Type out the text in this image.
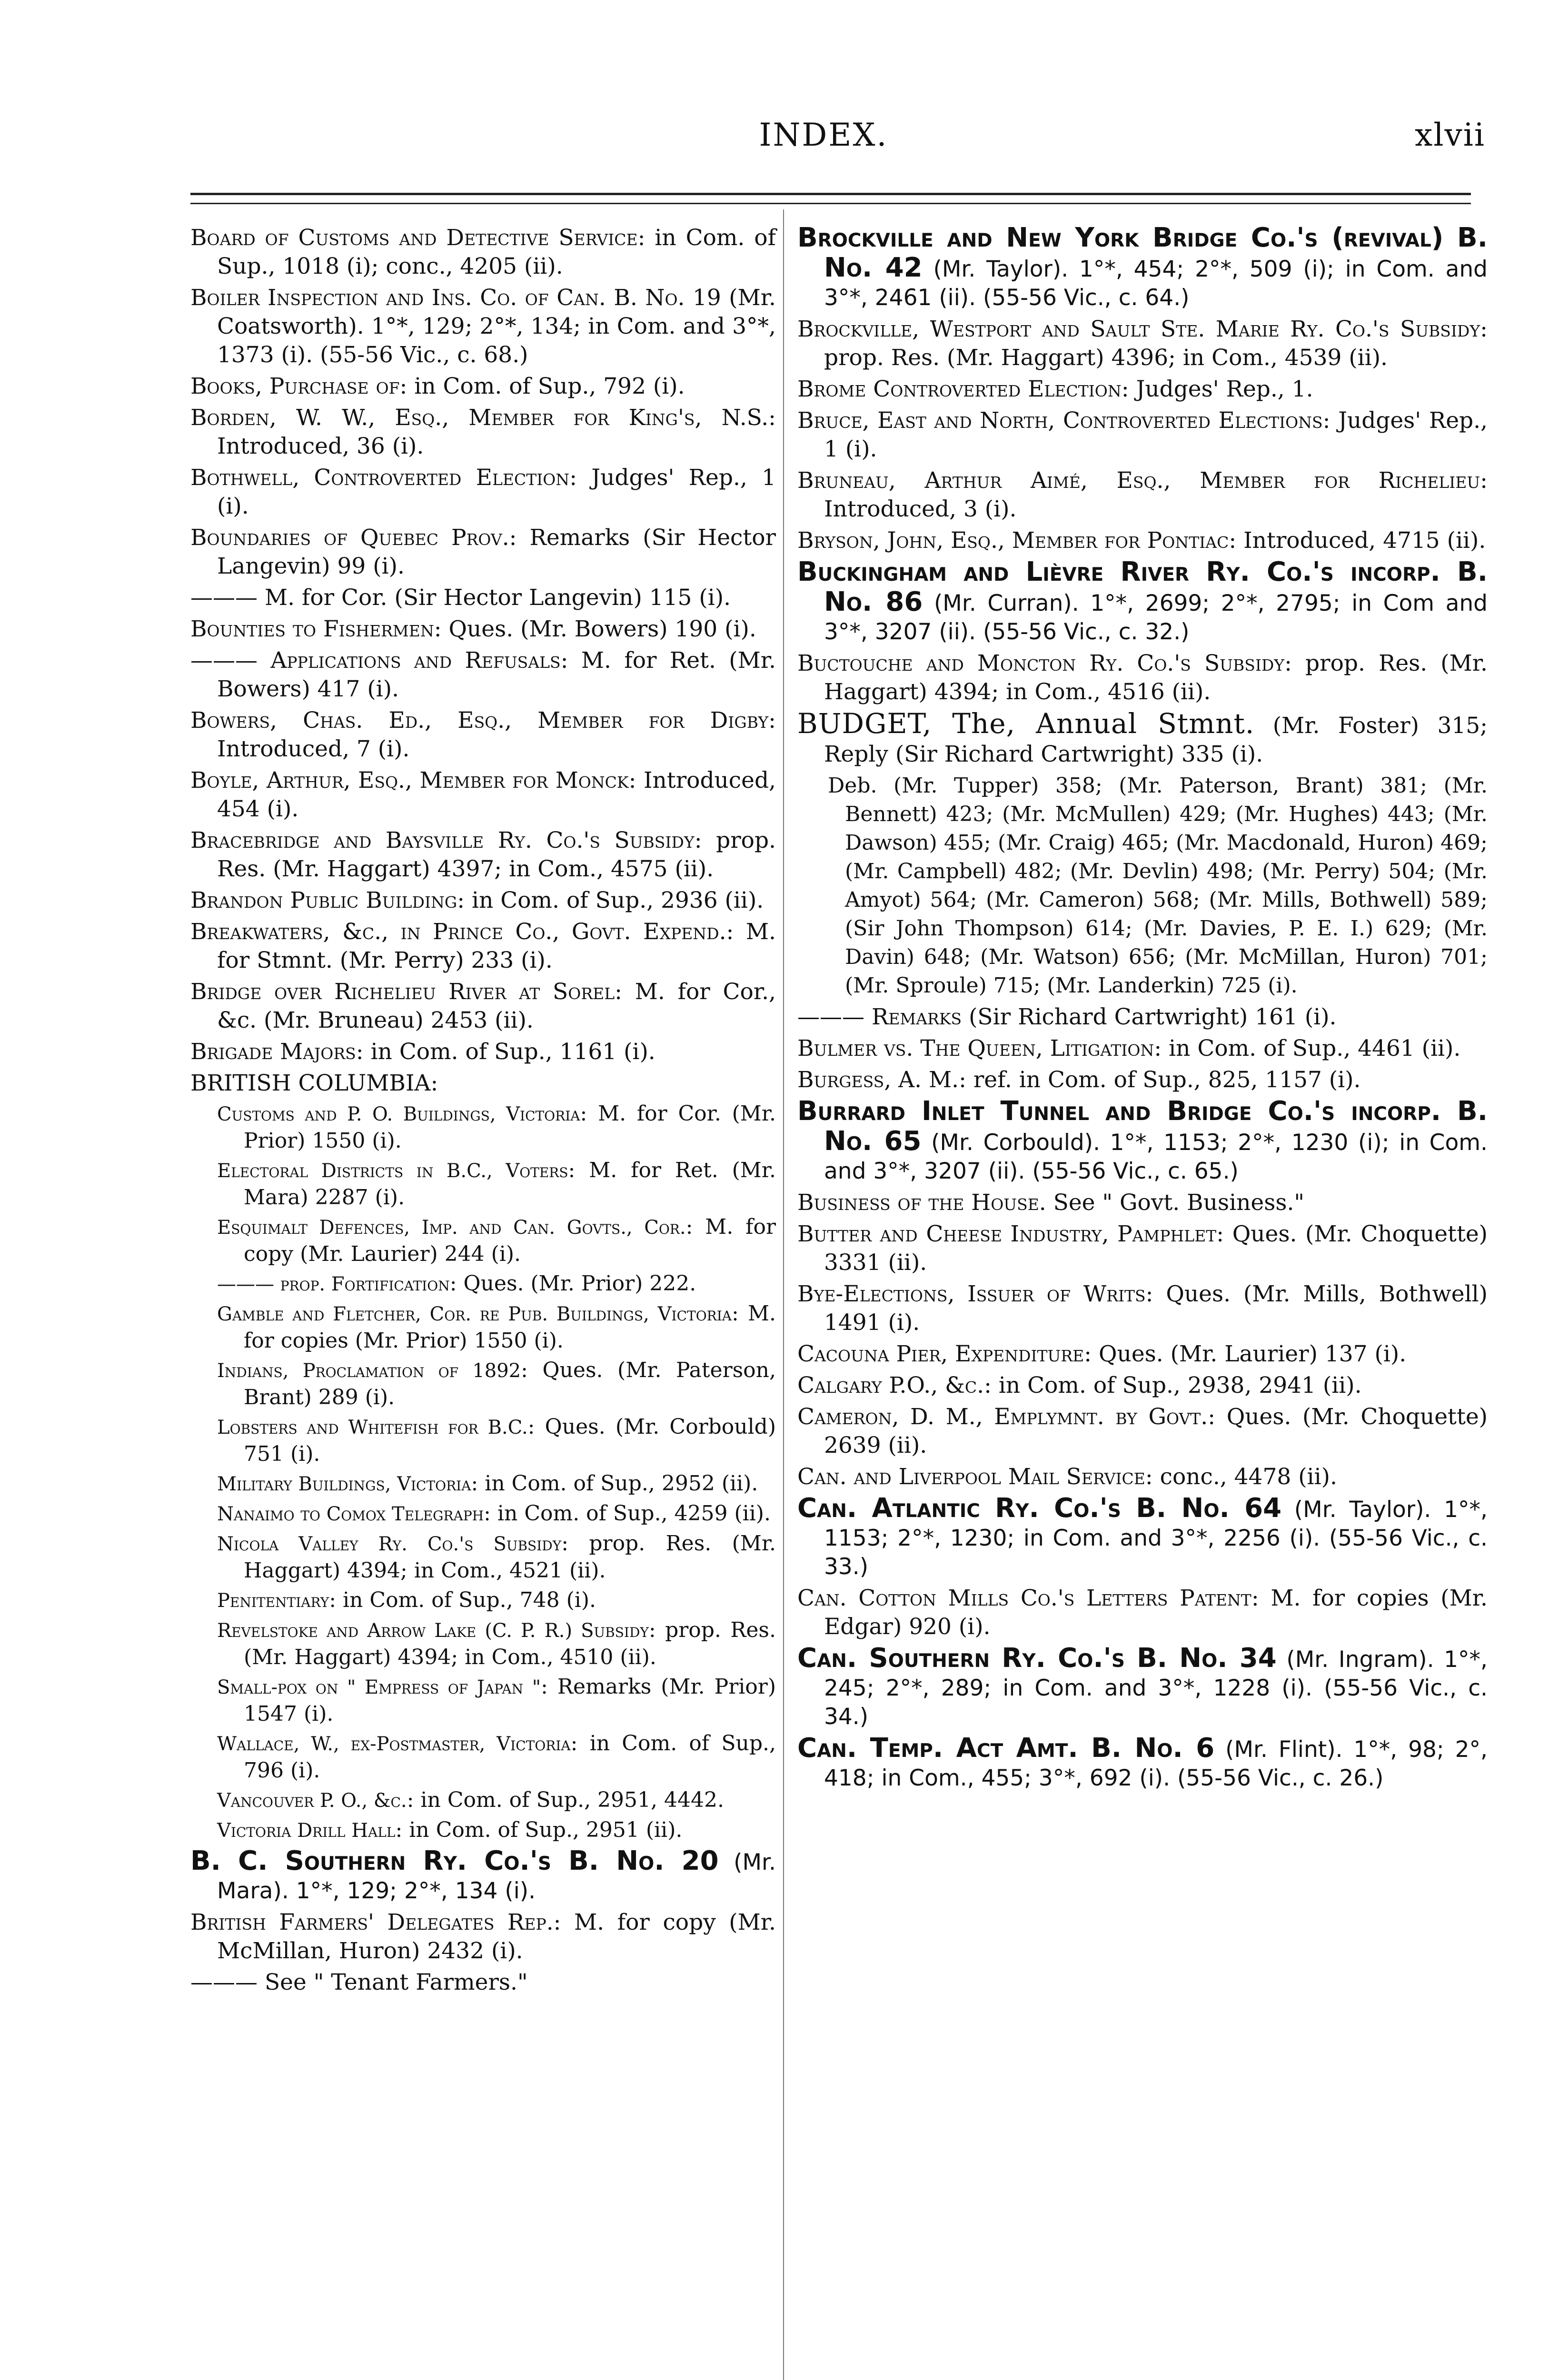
INDEX.	xlvii

Board of Customs and Detective Service: in Com. of Sup., 1018 (i); conc., 4205 (ii).

Boiler Inspection and Ins. Co. of Can. B. No. 19 (Mr. Coatsworth). 1°*, 129; 2°*, 134; in Com. and 3°*, 1373 (i). (55-56 Vic., c. 68.)

Books, Purchase of: in Com. of Sup., 792 (i).

Borden, W. W., Esq., Member for King's, N.S.: Introduced, 36 (i).

Bothwell, Controverted Election: Judges' Rep., 1 (i).

Boundaries of Quebec Prov.: Remarks (Sir Hector Langevin) 99 (i).

——— M. for Cor. (Sir Hector Langevin) 115 (i).

Bounties to Fishermen: Ques. (Mr. Bowers) 190 (i).

——— Applications and Refusals: M. for Ret. (Mr. Bowers) 417 (i).

Bowers, Chas. Ed., Esq., Member for Digby: Introduced, 7 (i).

Boyle, Arthur, Esq., Member for Monck: Introduced, 454 (i).

Bracebridge and Baysville Ry. Co.'s Subsidy: prop. Res. (Mr. Haggart) 4397; in Com., 4575 (ii).

Brandon Public Building: in Com. of Sup., 2936 (ii).

Breakwaters, &c., in Prince Co., Govt. Expend.: M. for Stmnt. (Mr. Perry) 233 (i).

Bridge over Richelieu River at Sorel: M. for Cor., &c. (Mr. Bruneau) 2453 (ii).

Brigade Majors: in Com. of Sup., 1161 (i).

BRITISH COLUMBIA:

Customs and P. O. Buildings, Victoria: M. for Cor. (Mr. Prior) 1550 (i).

Electoral Districts in B.C., Voters: M. for Ret. (Mr. Mara) 2287 (i).

Esquimalt Defences, Imp. and Can. Govts., Cor.: M. for copy (Mr. Laurier) 244 (i).

——— prop. Fortification: Ques. (Mr. Prior) 222.

Gamble and Fletcher, Cor. re Pub. Buildings, Victoria: M. for copies (Mr. Prior) 1550 (i).

Indians, Proclamation of 1892: Ques. (Mr. Paterson, Brant) 289 (i).

Lobsters and Whitefish for B.C.: Ques. (Mr. Corbould) 751 (i).

Military Buildings, Victoria: in Com. of Sup., 2952 (ii).

Nanaimo to Comox Telegraph: in Com. of Sup., 4259 (ii).

Nicola Valley Ry. Co.'s Subsidy: prop. Res. (Mr. Haggart) 4394; in Com., 4521 (ii).

Penitentiary: in Com. of Sup., 748 (i).

Revelstoke and Arrow Lake (C. P. R.) Subsidy: prop. Res. (Mr. Haggart) 4394; in Com., 4510 (ii).

Small-pox on " Empress of Japan ": Remarks (Mr. Prior) 1547 (i).

Wallace, W., ex-Postmaster, Victoria: in Com. of Sup., 796 (i).

Vancouver P. O., &c.: in Com. of Sup., 2951, 4442.

Victoria Drill Hall: in Com. of Sup., 2951 (ii).

B. C. Southern Ry. Co.'s B. No. 20 (Mr. Mara). 1°*, 129; 2°*, 134 (i).

British Farmers' Delegates Rep.: M. for copy (Mr. McMillan, Huron) 2432 (i).

——— See " Tenant Farmers."

Brockville and New York Bridge Co.'s (revival) B. No. 42 (Mr. Taylor). 1°*, 454; 2°*, 509 (i); in Com. and 3°*, 2461 (ii). (55-56 Vic., c. 64.)

Brockville, Westport and Sault Ste. Marie Ry. Co.'s Subsidy: prop. Res. (Mr. Haggart) 4396; in Com., 4539 (ii).

Brome Controverted Election: Judges' Rep., 1.

Bruce, East and North, Controverted Elections: Judges' Rep., 1 (i).

Bruneau, Arthur Aimé, Esq., Member for Richelieu: Introduced, 3 (i).

Bryson, John, Esq., Member for Pontiac: Introduced, 4715 (ii).

Buckingham and Lièvre River Ry. Co.'s incorp. B. No. 86 (Mr. Curran). 1°*, 2699; 2°*, 2795; in Com and 3°*, 3207 (ii). (55-56 Vic., c. 32.)

Buctouche and Moncton Ry. Co.'s Subsidy: prop. Res. (Mr. Haggart) 4394; in Com., 4516 (ii).

BUDGET, The, Annual Stmnt. (Mr. Foster) 315; Reply (Sir Richard Cartwright) 335 (i).

Deb. (Mr. Tupper) 358; (Mr. Paterson, Brant) 381; (Mr. Bennett) 423; (Mr. McMullen) 429; (Mr. Hughes) 443; (Mr. Dawson) 455; (Mr. Craig) 465; (Mr. Macdonald, Huron) 469; (Mr. Campbell) 482; (Mr. Devlin) 498; (Mr. Perry) 504; (Mr. Amyot) 564; (Mr. Cameron) 568; (Mr. Mills, Bothwell) 589; (Sir John Thompson) 614; (Mr. Davies, P. E. I.) 629; (Mr. Davin) 648; (Mr. Watson) 656; (Mr. McMillan, Huron) 701; (Mr. Sproule) 715; (Mr. Landerkin) 725 (i).

——— Remarks (Sir Richard Cartwright) 161 (i).

Bulmer vs. The Queen, Litigation: in Com. of Sup., 4461 (ii).

Burgess, A. M.: ref. in Com. of Sup., 825, 1157 (i).

Burrard Inlet Tunnel and Bridge Co.'s incorp. B. No. 65 (Mr. Corbould). 1°*, 1153; 2°*, 1230 (i); in Com. and 3°*, 3207 (ii). (55-56 Vic., c. 65.)

Business of the House. See " Govt. Business."

Butter and Cheese Industry, Pamphlet: Ques. (Mr. Choquette) 3331 (ii).

Bye-Elections, Issuer of Writs: Ques. (Mr. Mills, Bothwell) 1491 (i).

Cacouna Pier, Expenditure: Ques. (Mr. Laurier) 137 (i).

Calgary P.O., &c.: in Com. of Sup., 2938, 2941 (ii).

Cameron, D. M., Emplymnt. by Govt.: Ques. (Mr. Choquette) 2639 (ii).

Can. and Liverpool Mail Service: conc., 4478 (ii).

Can. Atlantic Ry. Co.'s B. No. 64 (Mr. Taylor). 1°*, 1153; 2°*, 1230; in Com. and 3°*, 2256 (i). (55-56 Vic., c. 33.)

Can. Cotton Mills Co.'s Letters Patent: M. for copies (Mr. Edgar) 920 (i).

Can. Southern Ry. Co.'s B. No. 34 (Mr. Ingram). 1°*, 245; 2°*, 289; in Com. and 3°*, 1228 (i). (55-56 Vic., c. 34.)

Can. Temp. Act Amt. B. No. 6 (Mr. Flint). 1°*, 98; 2°, 418; in Com., 455; 3°*, 692 (i). (55-56 Vic., c. 26.)
